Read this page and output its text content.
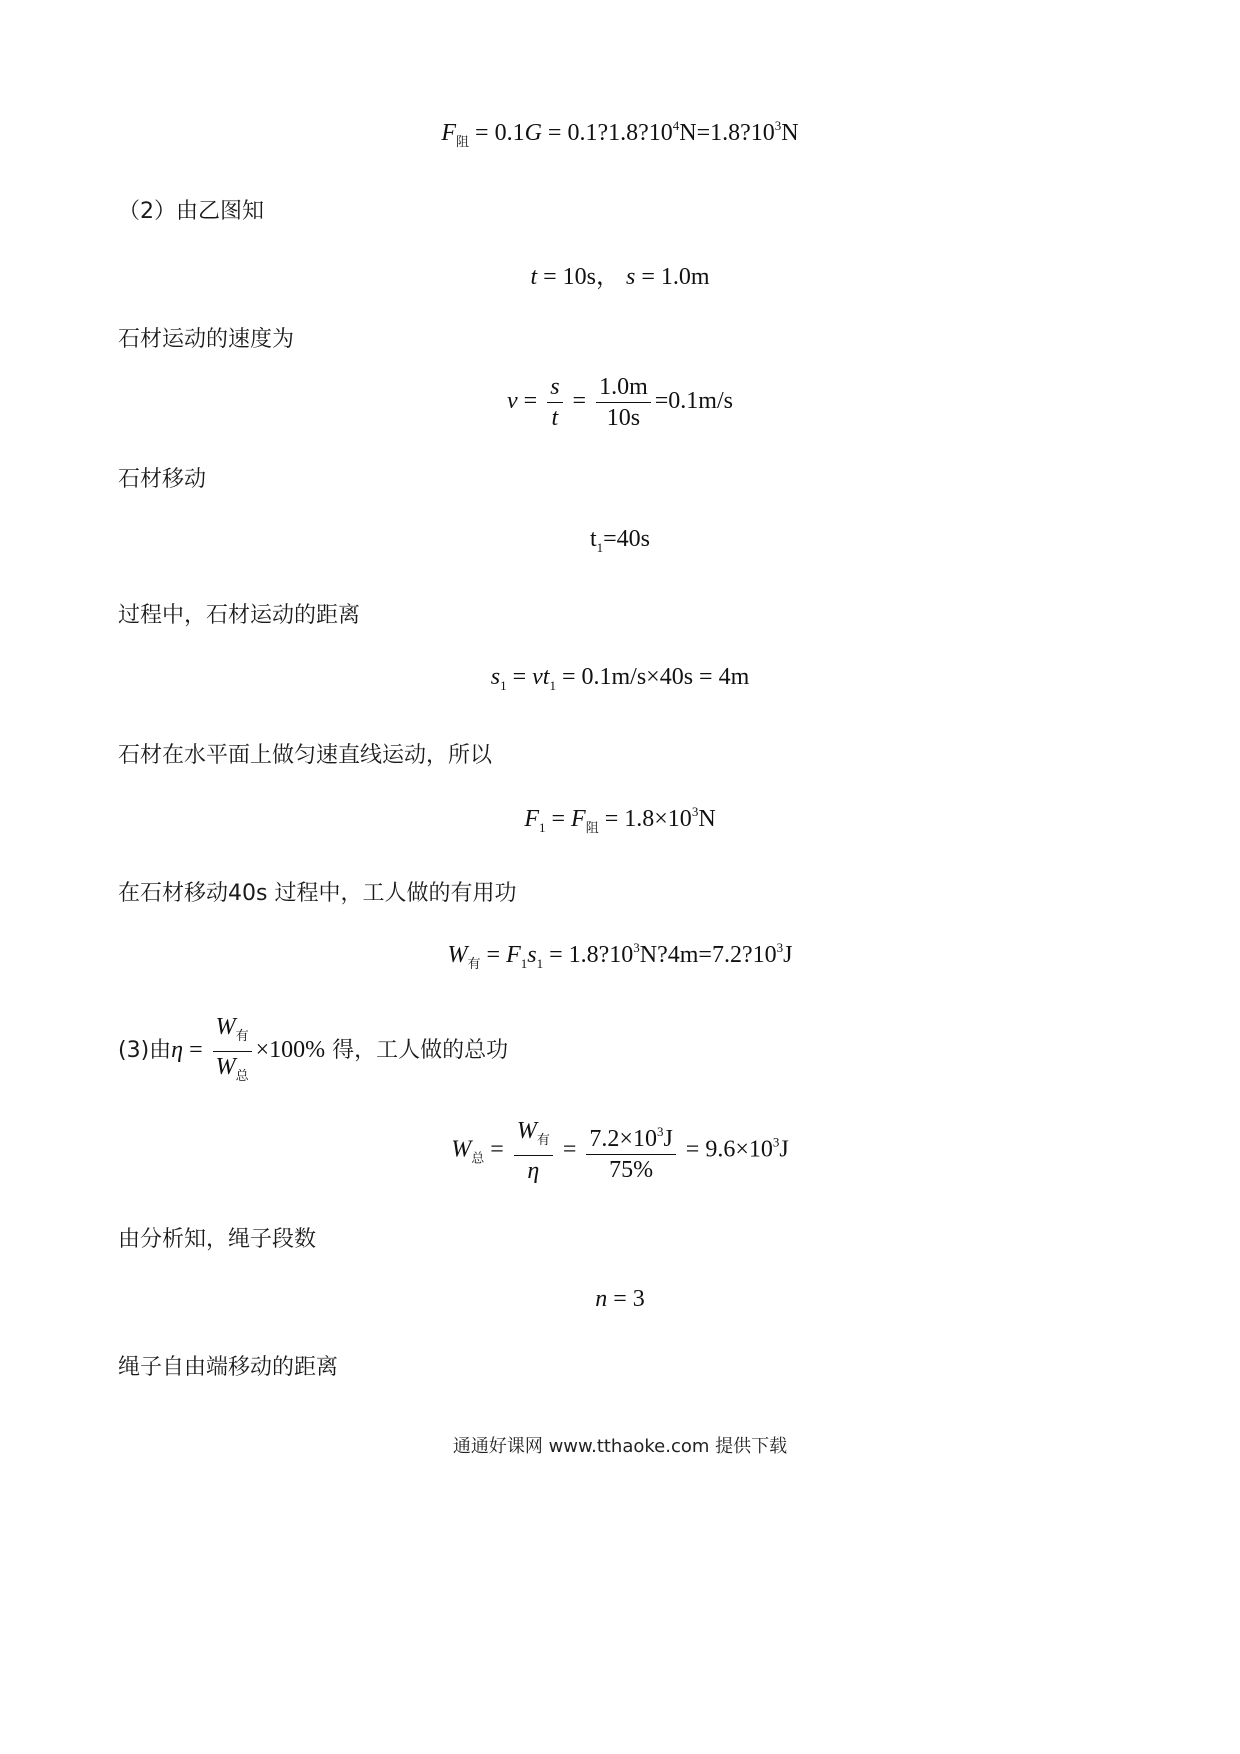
$F_阻 = 0.1G$ = $0.1?1.8?10^4N=1.8?10^3N$
（2）由乙图知
t = 10s， s = 1.0m
石材运动的速度为
$v = \frac{s}{t} = \frac{1.0m}{10s} =0.1m/s$
石材移动
$t_1=40s$
过程中，石材运动的距离
$s_1 = vt_1 = 0.1m/s\times 40s = 4m$
石材在水平面上做匀速直线运动，所以
$F_1 = F_阻 = 1.8\times 10^3N$
在石材移动40s 过程中，工人做的有用功
$W_有 = F_1s_1$ = $1.8?10^3N?4m=7.2?10^3J$
(3)由$\eta = \frac{W_有}{W_总} \times 100\%$ 得，工人做的总功
$W_总 = \frac{W_有}{\eta} = \frac{7.2\times 10^3J}{75\%} = 9.6\times 10^3J$
由分析知，绳子段数
n = 3
绳子自由端移动的距离
通通好课网 www.tthaoke.com 提供下载
